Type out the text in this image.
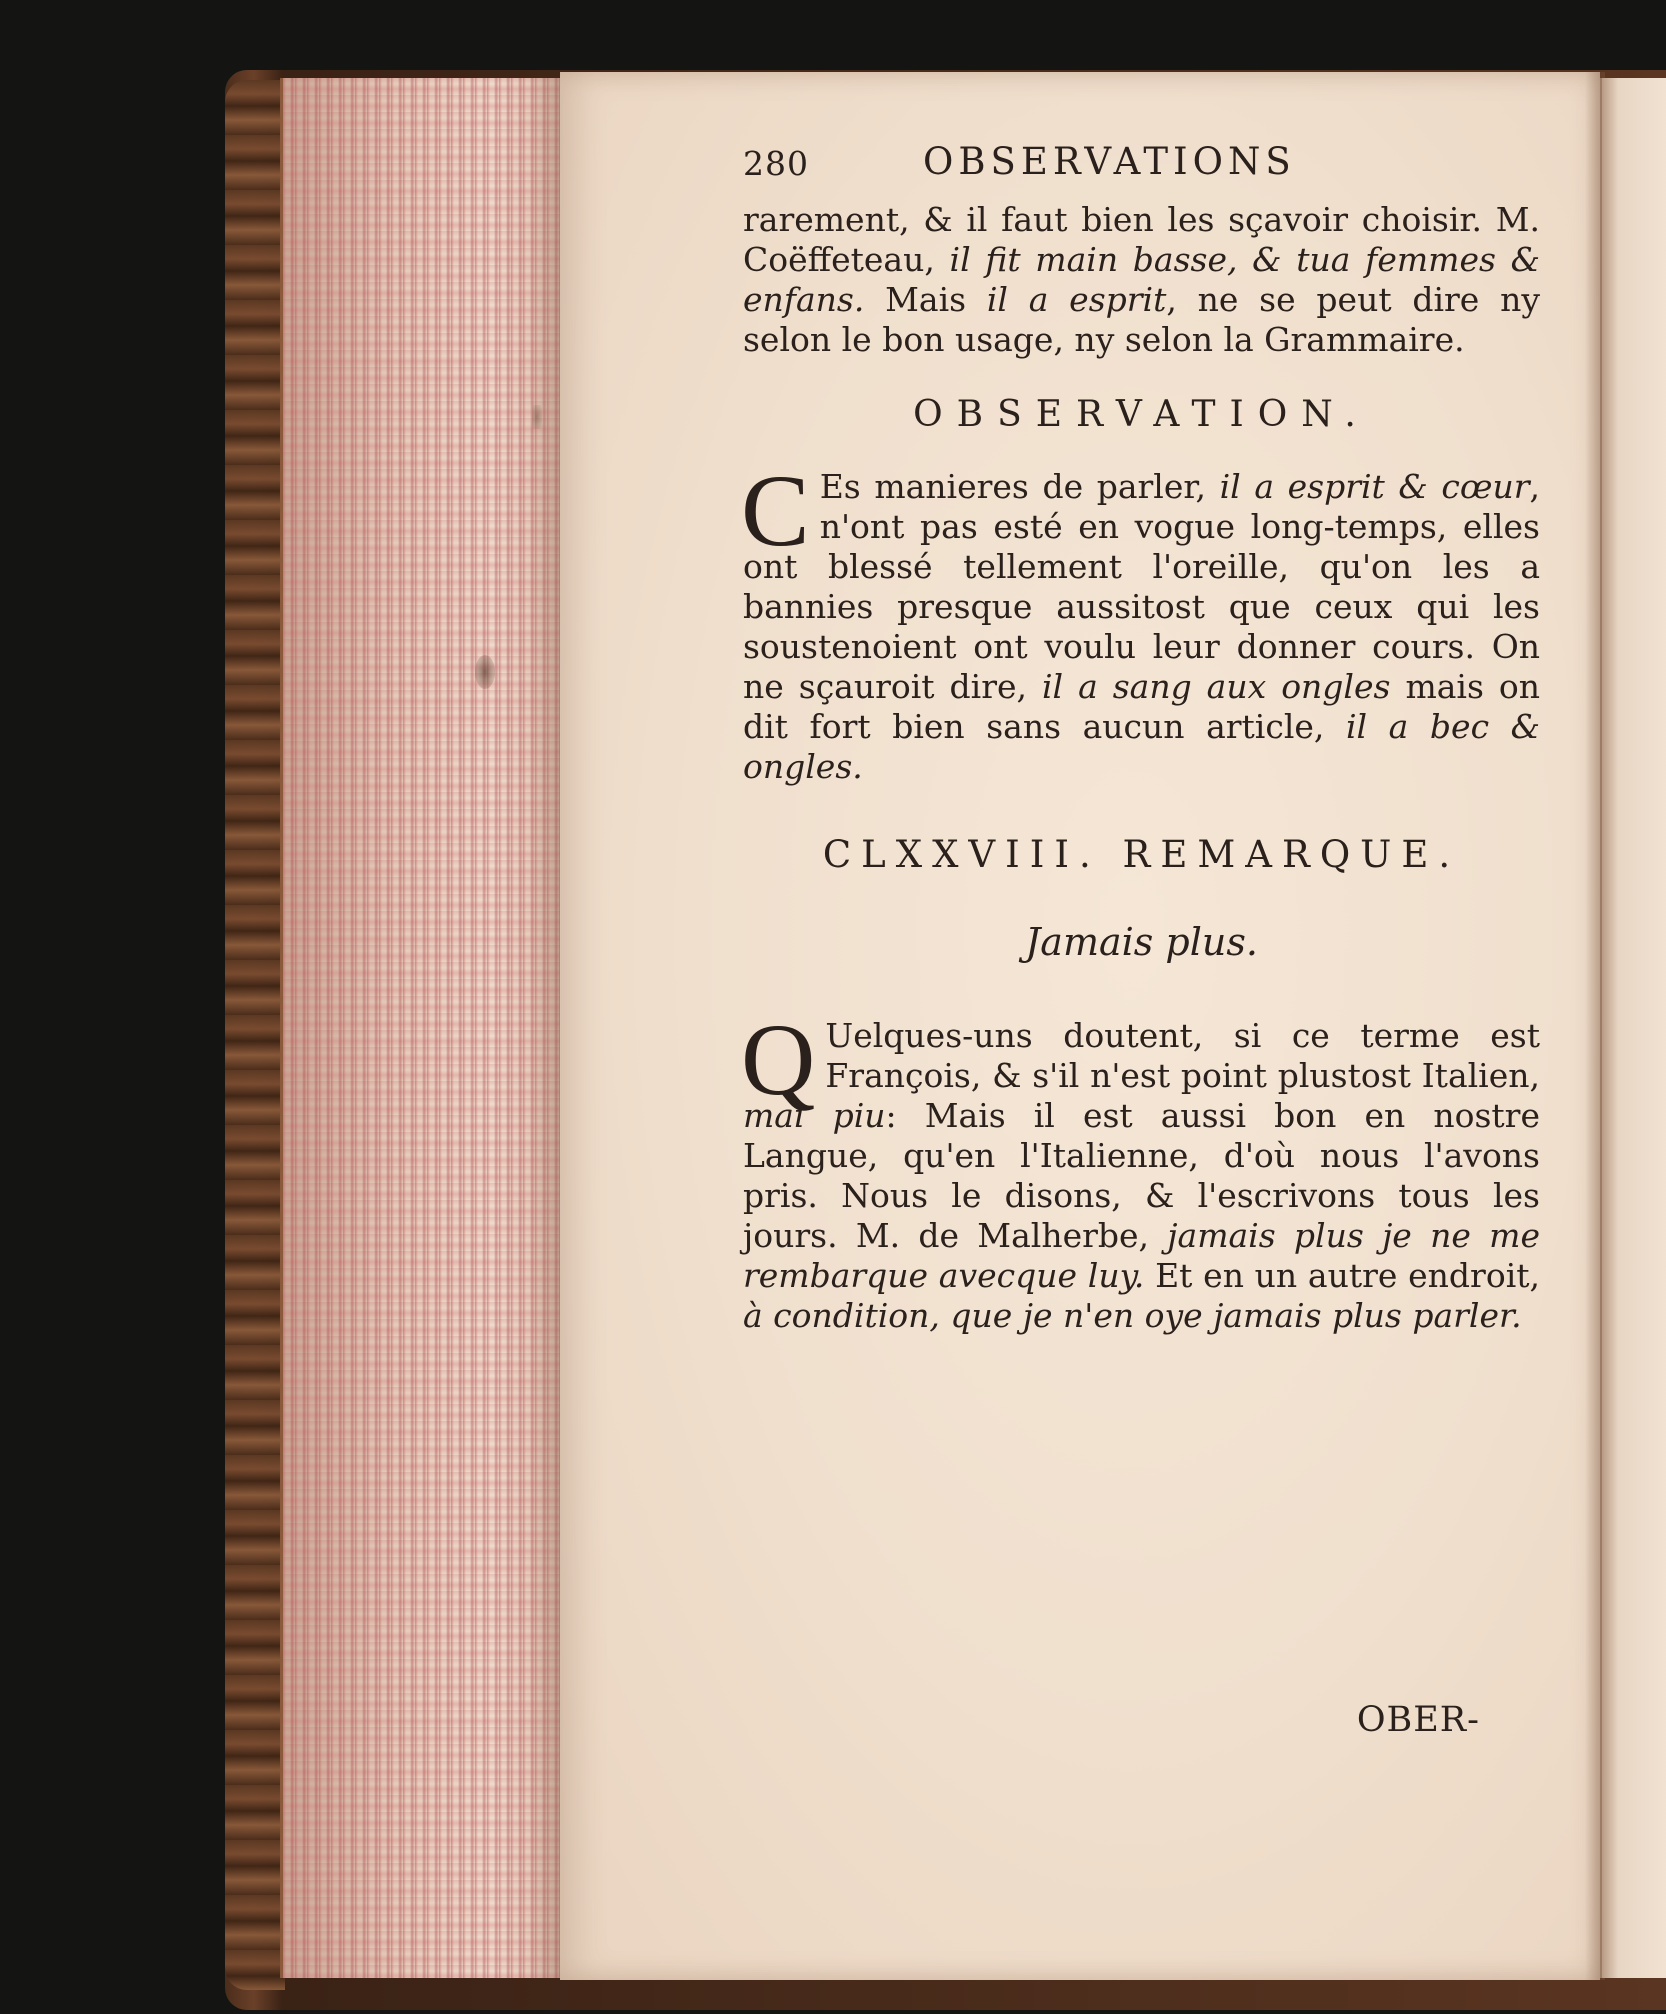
280	OBSERVATIONS

rarement, & il faut bien les sçavoir choisir. M. Coëffeteau, il fit main basse, & tua femmes & enfans. Mais il a esprit, ne se peut dire ny selon le bon usage, ny selon la Grammaire.

OBSERVATION.

C Es manieres de parler, il a esprit & cœur, n'ont pas esté en vogue long-temps, elles ont blessé tellement l'oreille, qu'on les a bannies presque aussitost que ceux qui les soustenoient ont voulu leur donner cours. On ne sçauroit dire, il a sang aux ongles mais on dit fort bien sans aucun article, il a bec & ongles.

CLXXVIII. REMARQUE.
Jamais plus.

Q Uelques-uns doutent, si ce terme est François, & s'il n'est point plustost Italien, mai piu: Mais il est aussi bon en nostre Langue, qu'en l'Italienne, d'où nous l'avons pris. Nous le disons, & l'escrivons tous les jours. M. de Malherbe, jamais plus je ne me rembarque avecque luy. Et en un autre endroit, à condition, que je n'en oye jamais plus parler.

OBER-
